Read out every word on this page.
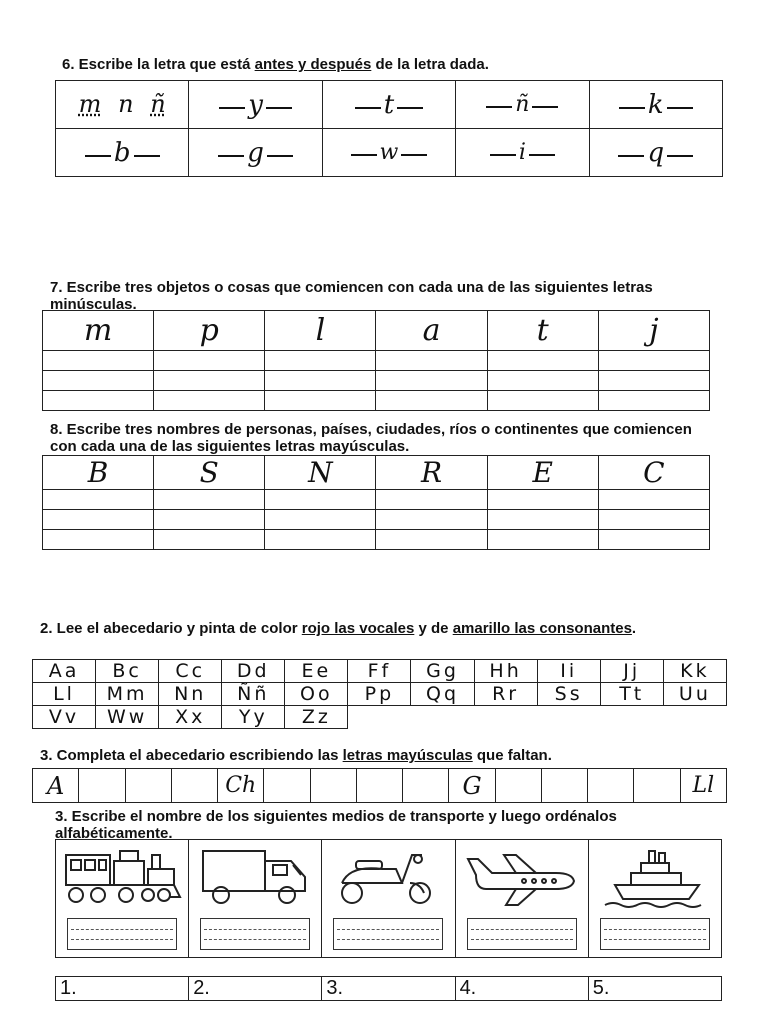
6. Escribe la letra que está antes y después de la letra dada.
m n ñ	y	t	ñ	k
b	g	w	i	q
7. Escribe tres objetos o cosas que comiencen con cada una de las siguientes letras minúsculas.
m	p	l	a	t	j

8. Escribe tres nombres de personas, países, ciudades, ríos o continentes que comiencen con cada una de las siguientes letras mayúsculas.
B	S	N	R	E	C

2. Lee el abecedario y pinta de color rojo las vocales y de amarillo las consonantes.
Aa	Bc	Cc	Dd	Ee	Ff	Gg	Hh	Ii	Jj	Kk
Ll	Mm	Nn	Ññ	Oo	Pp	Qq	Rr	Ss	Tt	Uu
Vv	Ww	Xx	Yy	Zz						
3. Completa el abecedario escribiendo las letras mayúsculas que faltan.
A				Ch					G					Ll
3. Escribe el nombre de los siguientes medios de transporte y luego ordénalos alfabéticamente.

1.	2.	3.	4.	5.
